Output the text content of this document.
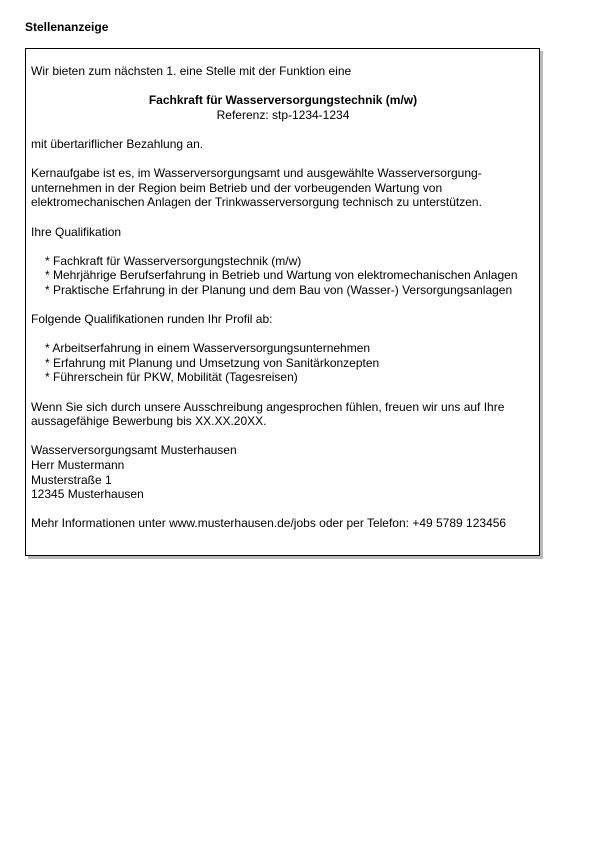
Stellenanzeige

Wir bieten zum nächsten 1. eine Stelle mit der Funktion eine

Fachkraft für Wasserversorgungstechnik (m/w)

Referenz: stp-1234-1234

mit übertariflicher Bezahlung an.

Kernaufgabe ist es, im Wasserversorgungsamt und ausgewählte Wasserversorgung-unternehmen in der Region beim Betrieb und der vorbeugenden Wartung von elektromechanischen Anlagen der Trinkwasserversorgung technisch zu unterstützen.

Ihre Qualifikation

* Fachkraft für Wasserversorgungstechnik (m/w)

* Mehrjährige Berufserfahrung in Betrieb und Wartung von elektromechanischen Anlagen

* Praktische Erfahrung in der Planung und dem Bau von (Wasser-) Versorgungsanlagen

Folgende Qualifikationen runden Ihr Profil ab:

* Arbeitserfahrung in einem Wasserversorgungsunternehmen

* Erfahrung mit Planung und Umsetzung von Sanitärkonzepten

* Führerschein für PKW, Mobilität (Tagesreisen)

Wenn Sie sich durch unsere Ausschreibung angesprochen fühlen, freuen wir uns auf Ihre aussagefähige Bewerbung bis XX.XX.20XX.

Wasserversorgungsamt Musterhausen

Herr Mustermann

Musterstraße 1

12345 Musterhausen

Mehr Informationen unter www.musterhausen.de/jobs oder per Telefon: +49 5789 123456
